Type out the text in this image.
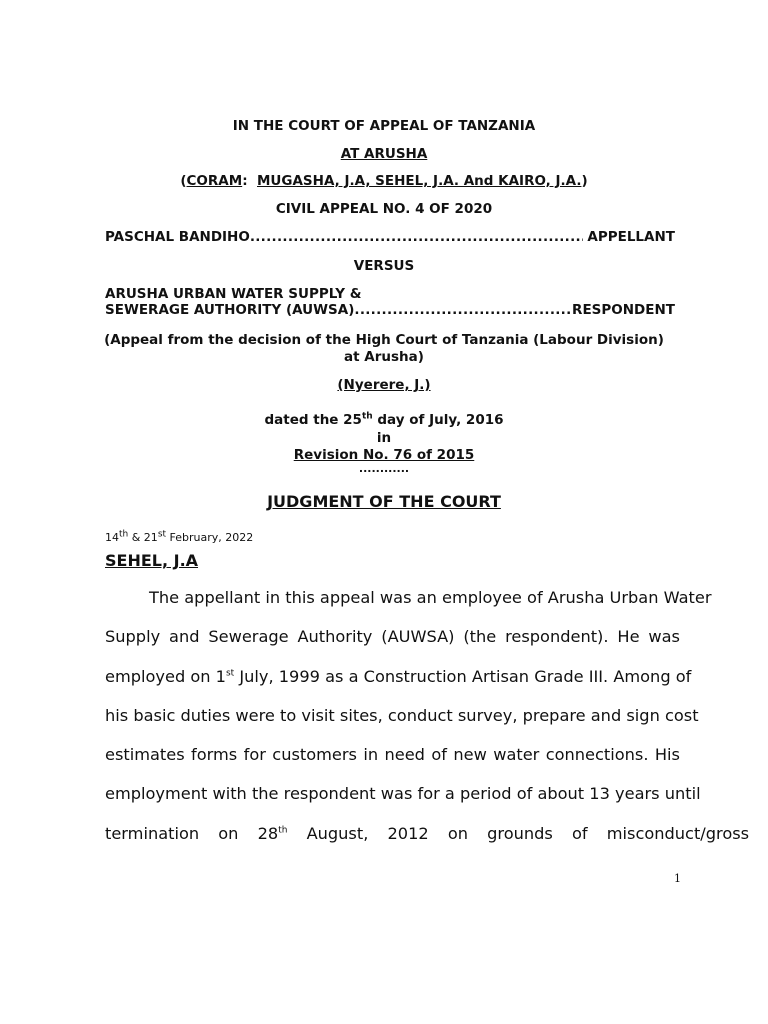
IN THE COURT OF APPEAL OF TANZANIA
AT ARUSHA
(CORAM:  MUGASHA, J.A, SEHEL, J.A. And KAIRO, J.A.)
CIVIL APPEAL NO. 4 OF 2020
PASCHAL BANDIHO .....	APPELLANT
VERSUS
ARUSHA URBAN WATER SUPPLY &
SEWERAGE AUTHORITY (AUWSA) .....	RESPONDENT
(Appeal from the decision of the High Court of Tanzania (Labour Division)
at Arusha)
(Nyerere, J.)
dated the 25th day of July, 2016
in
Revision No. 76 of 2015
............
JUDGMENT OF THE COURT
14th & 21st February, 2022
SEHEL, J.A
The appellant in this appeal was an employee of Arusha Urban Water
Supply and Sewerage Authority (AUWSA) (the respondent). He was
employed on 1st July, 1999 as a Construction Artisan Grade III. Among of
his basic duties were to visit sites, conduct survey, prepare and sign cost
estimates forms for customers in need of new water connections. His
employment with the respondent was for a period of about 13 years until
termination on 28th August, 2012 on grounds of misconduct/gross
1
